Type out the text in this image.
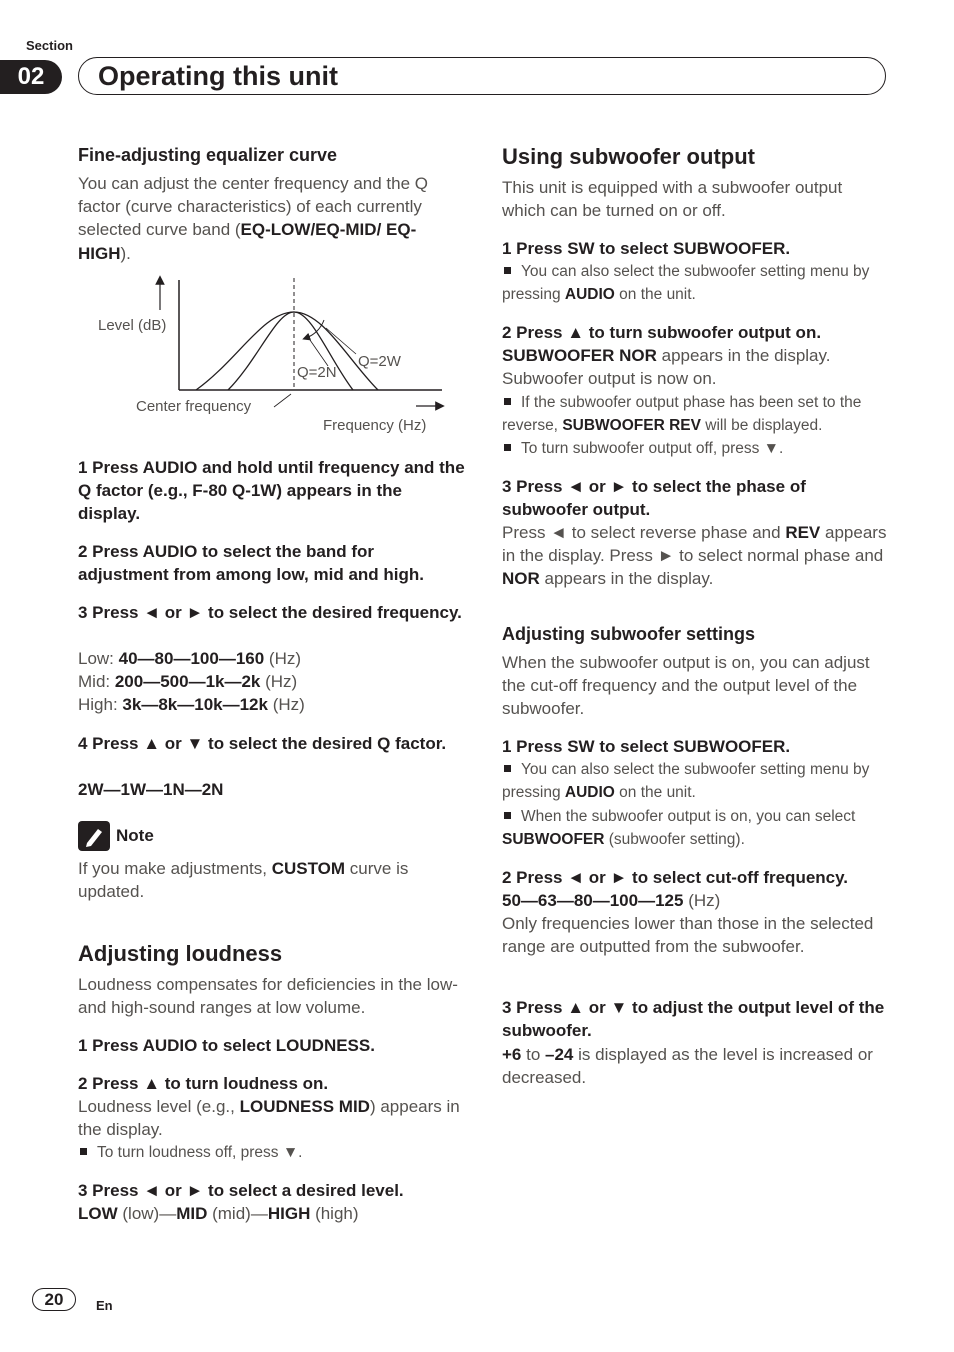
Section
02	Operating this unit
Fine-adjusting equalizer curve
You can adjust the center frequency and the Q factor (curve characteristics) of each currently selected curve band (EQ-LOW/EQ-MID/ EQ-HIGH).
Level (dB)
Q=2N
Q=2W
Center frequency
Frequency (Hz)
1 Press AUDIO and hold until frequency and the Q factor (e.g., F-80 Q-1W) appears in the display.
2 Press AUDIO to select the band for adjustment from among low, mid and high.
3 Press ◄ or ► to select the desired frequency.
Low: 40—80—100—160 (Hz)
Mid: 200—500—1k—2k (Hz)
High: 3k—8k—10k—12k (Hz)
4 Press ▲ or ▼ to select the desired Q factor.
2W—1W—1N—2N
Note
If you make adjustments, CUSTOM curve is updated.
Adjusting loudness
Loudness compensates for deficiencies in the low- and high-sound ranges at low volume.
1 Press AUDIO to select LOUDNESS.
2 Press ▲ to turn loudness on.
Loudness level (e.g., LOUDNESS MID) appears in the display.
To turn loudness off, press ▼.
3 Press ◄ or ► to select a desired level.
LOW (low)—MID (mid)—HIGH (high)
Using subwoofer output
This unit is equipped with a subwoofer output which can be turned on or off.
1 Press SW to select SUBWOOFER.
You can also select the subwoofer setting menu by pressing AUDIO on the unit.
2 Press ▲ to turn subwoofer output on.
SUBWOOFER NOR appears in the display. Subwoofer output is now on.
If the subwoofer output phase has been set to the reverse, SUBWOOFER REV will be displayed.
To turn subwoofer output off, press ▼.
3 Press ◄ or ► to select the phase of subwoofer output.
Press ◄ to select reverse phase and REV appears in the display. Press ► to select normal phase and NOR appears in the display.
Adjusting subwoofer settings
When the subwoofer output is on, you can adjust the cut-off frequency and the output level of the subwoofer.
1 Press SW to select SUBWOOFER.
You can also select the subwoofer setting menu by pressing AUDIO on the unit.
When the subwoofer output is on, you can select SUBWOOFER (subwoofer setting).
2 Press ◄ or ► to select cut-off frequency.
50—63—80—100—125 (Hz)
Only frequencies lower than those in the selected range are outputted from the subwoofer.
3 Press ▲ or ▼ to adjust the output level of the subwoofer.
+6 to –24 is displayed as the level is increased or decreased.
20	En
